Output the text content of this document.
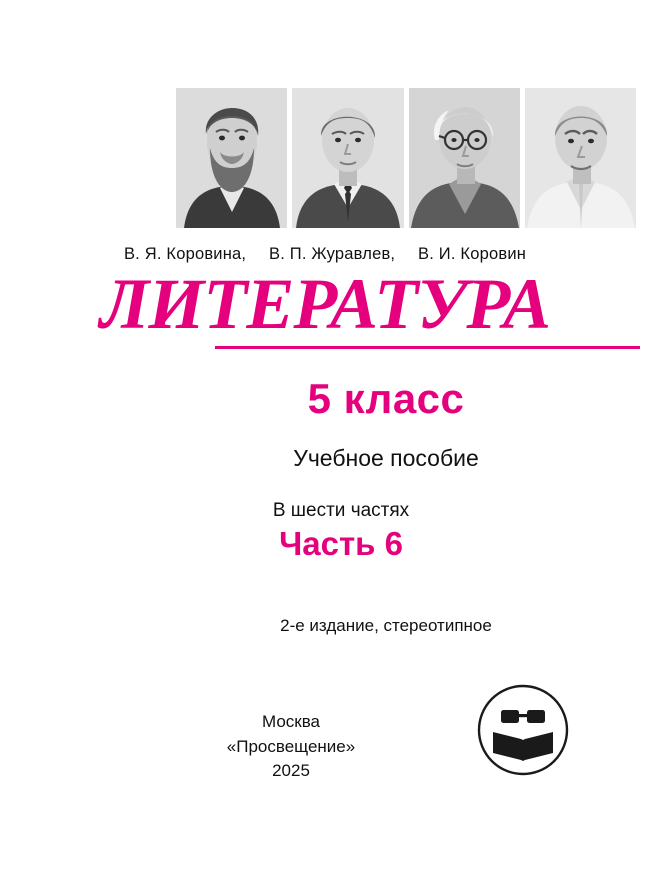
В. Я. Коровина, В. П. Журавлев, В. И. Коровин
ЛИТЕРАТУРА
5 класс
Учебное пособие
В шести частях
Часть 6
2-е издание, стереотипное
Москва
«Просвещение»
2025
